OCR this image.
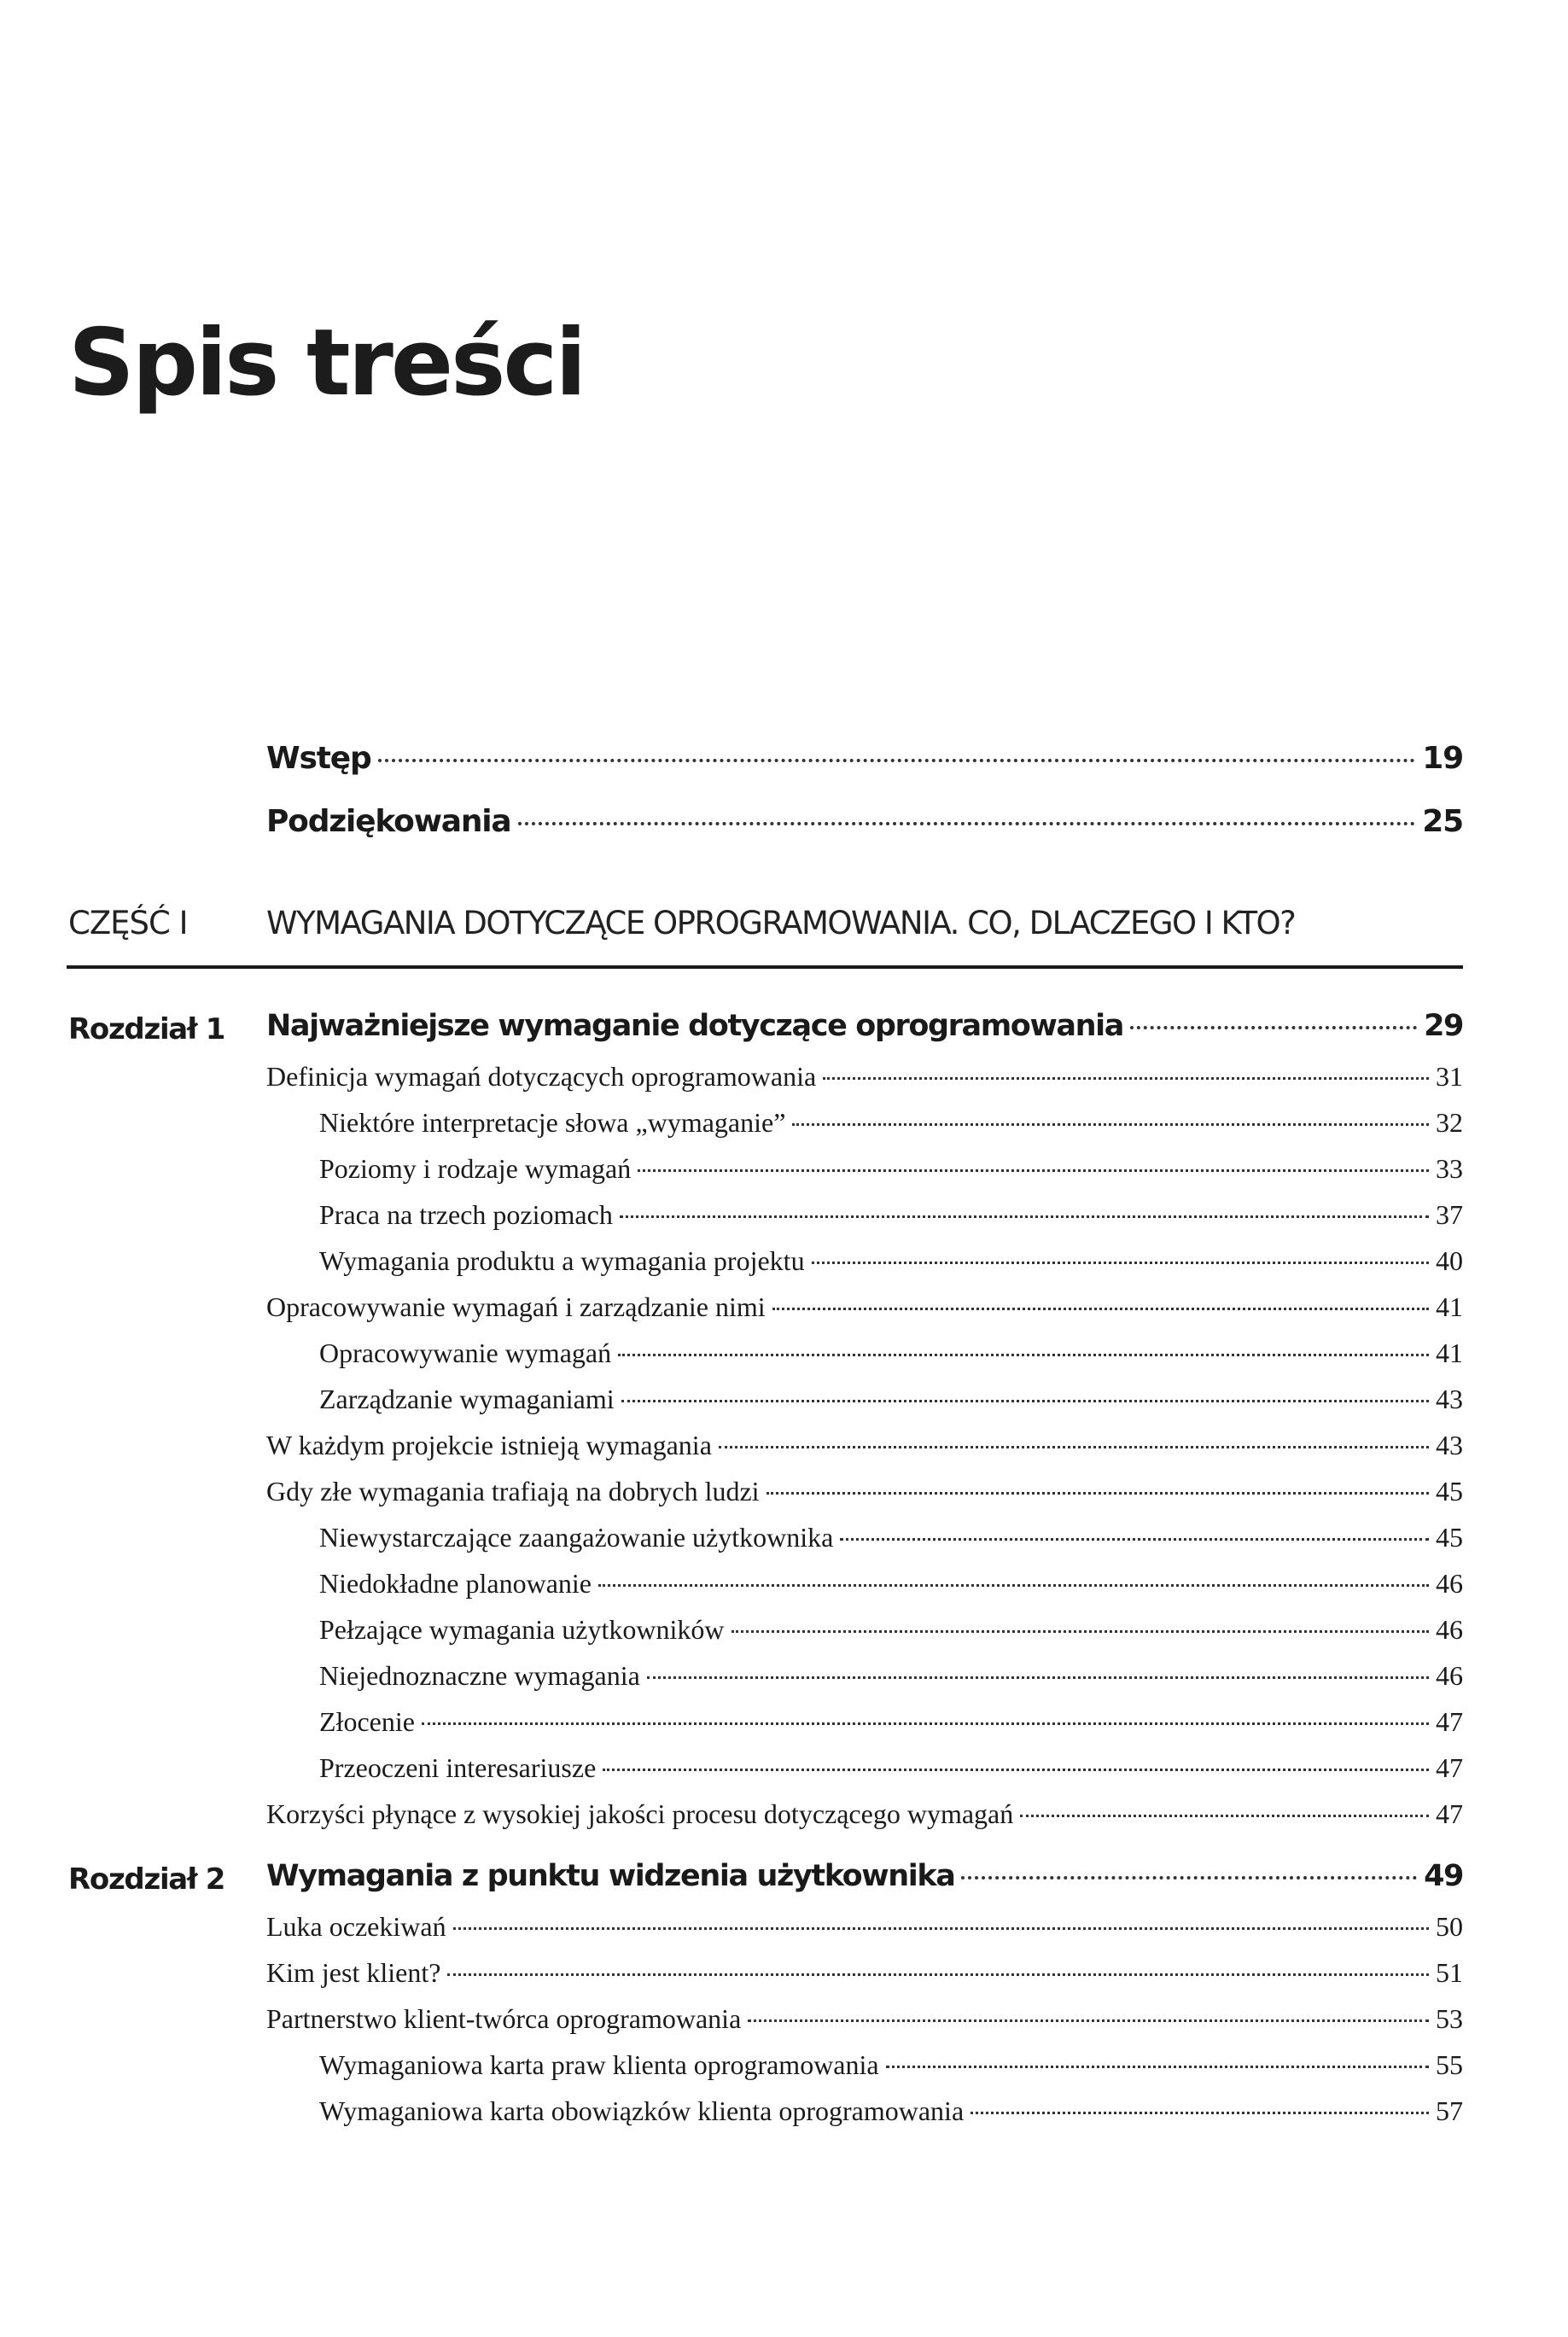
Spis treści
Wstęp	19
Podziękowania	25
CZĘŚĆ I WYMAGANIA DOTYCZĄCE OPROGRAMOWANIA. CO, DLACZEGO I KTO?
Rozdział 1 Najważniejsze wymaganie dotyczące oprogramowania	29
Definicja wymagań dotyczących oprogramowania	31
Niektóre interpretacje słowa „wymaganie”	32
Poziomy i rodzaje wymagań	33
Praca na trzech poziomach	37
Wymagania produktu a wymagania projektu	40
Opracowywanie wymagań i zarządzanie nimi	41
Opracowywanie wymagań	41
Zarządzanie wymaganiami	43
W każdym projekcie istnieją wymagania	43
Gdy złe wymagania trafiają na dobrych ludzi	45
Niewystarczające zaangażowanie użytkownika	45
Niedokładne planowanie	46
Pełzające wymagania użytkowników	46
Niejednoznaczne wymagania	46
Złocenie	47
Przeoczeni interesariusze	47
Korzyści płynące z wysokiej jakości procesu dotyczącego wymagań	47
Rozdział 2 Wymagania z punktu widzenia użytkownika	49
Luka oczekiwań	50
Kim jest klient?	51
Partnerstwo klient-twórca oprogramowania	53
Wymaganiowa karta praw klienta oprogramowania	55
Wymaganiowa karta obowiązków klienta oprogramowania	57
